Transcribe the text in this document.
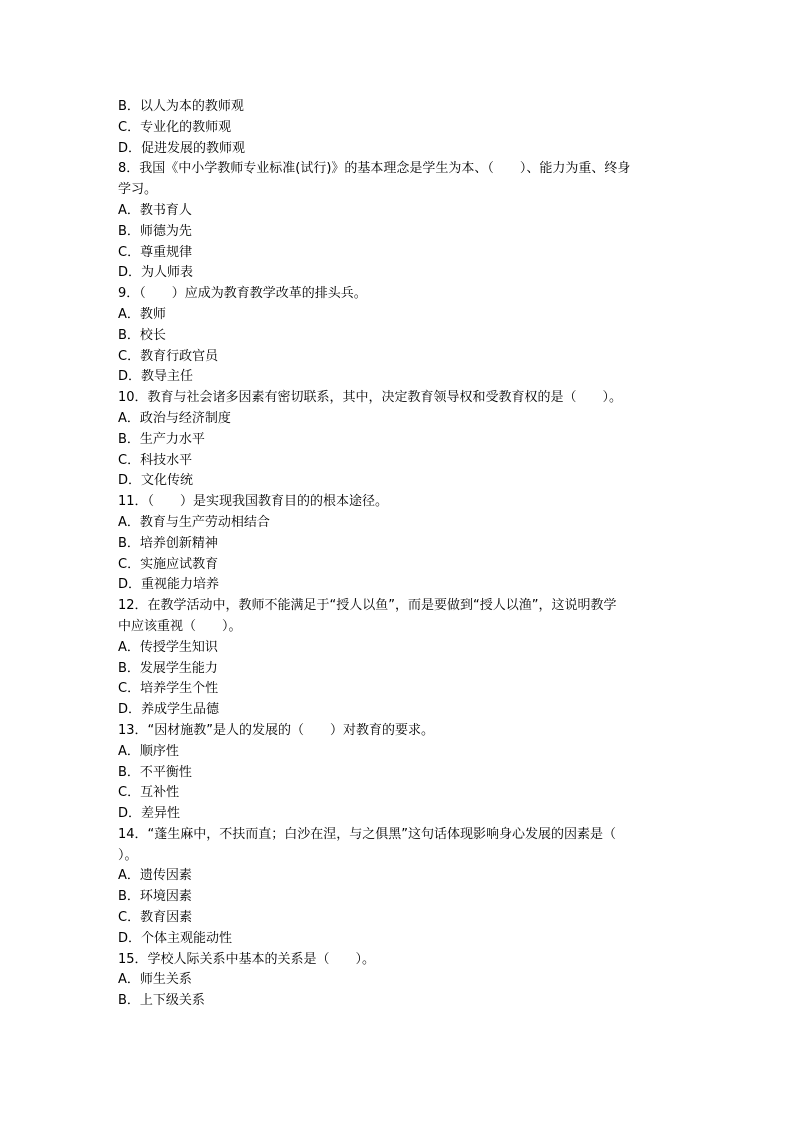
B．以人为本的教师观
C．专业化的教师观
D．促进发展的教师观
8．我国《中小学教师专业标准(试行)》的基本理念是学生为本、（　　）、能力为重、终身
学习。
A．教书育人
B．师德为先
C．尊重规律
D．为人师表
9．（　　）应成为教育教学改革的排头兵。
A．教师
B．校长
C．教育行政官员
D．教导主任
10．教育与社会诸多因素有密切联系，其中，决定教育领导权和受教育权的是（　　）。
A．政治与经济制度
B．生产力水平
C．科技水平
D．文化传统
11．（　　）是实现我国教育目的的根本途径。
A．教育与生产劳动相结合
B．培养创新精神
C．实施应试教育
D．重视能力培养
12．在教学活动中，教师不能满足于“授人以鱼”，而是要做到“授人以渔”，这说明教学
中应该重视（　　）。
A．传授学生知识
B．发展学生能力
C．培养学生个性
D．养成学生品德
13．“因材施教”是人的发展的（　　）对教育的要求。
A．顺序性
B．不平衡性
C．互补性
D．差异性
14．“蓬生麻中，不扶而直；白沙在涅，与之俱黑”这句话体现影响身心发展的因素是（
）。
A．遗传因素
B．环境因素
C．教育因素
D．个体主观能动性
15．学校人际关系中基本的关系是（　　）。
A．师生关系
B．上下级关系
